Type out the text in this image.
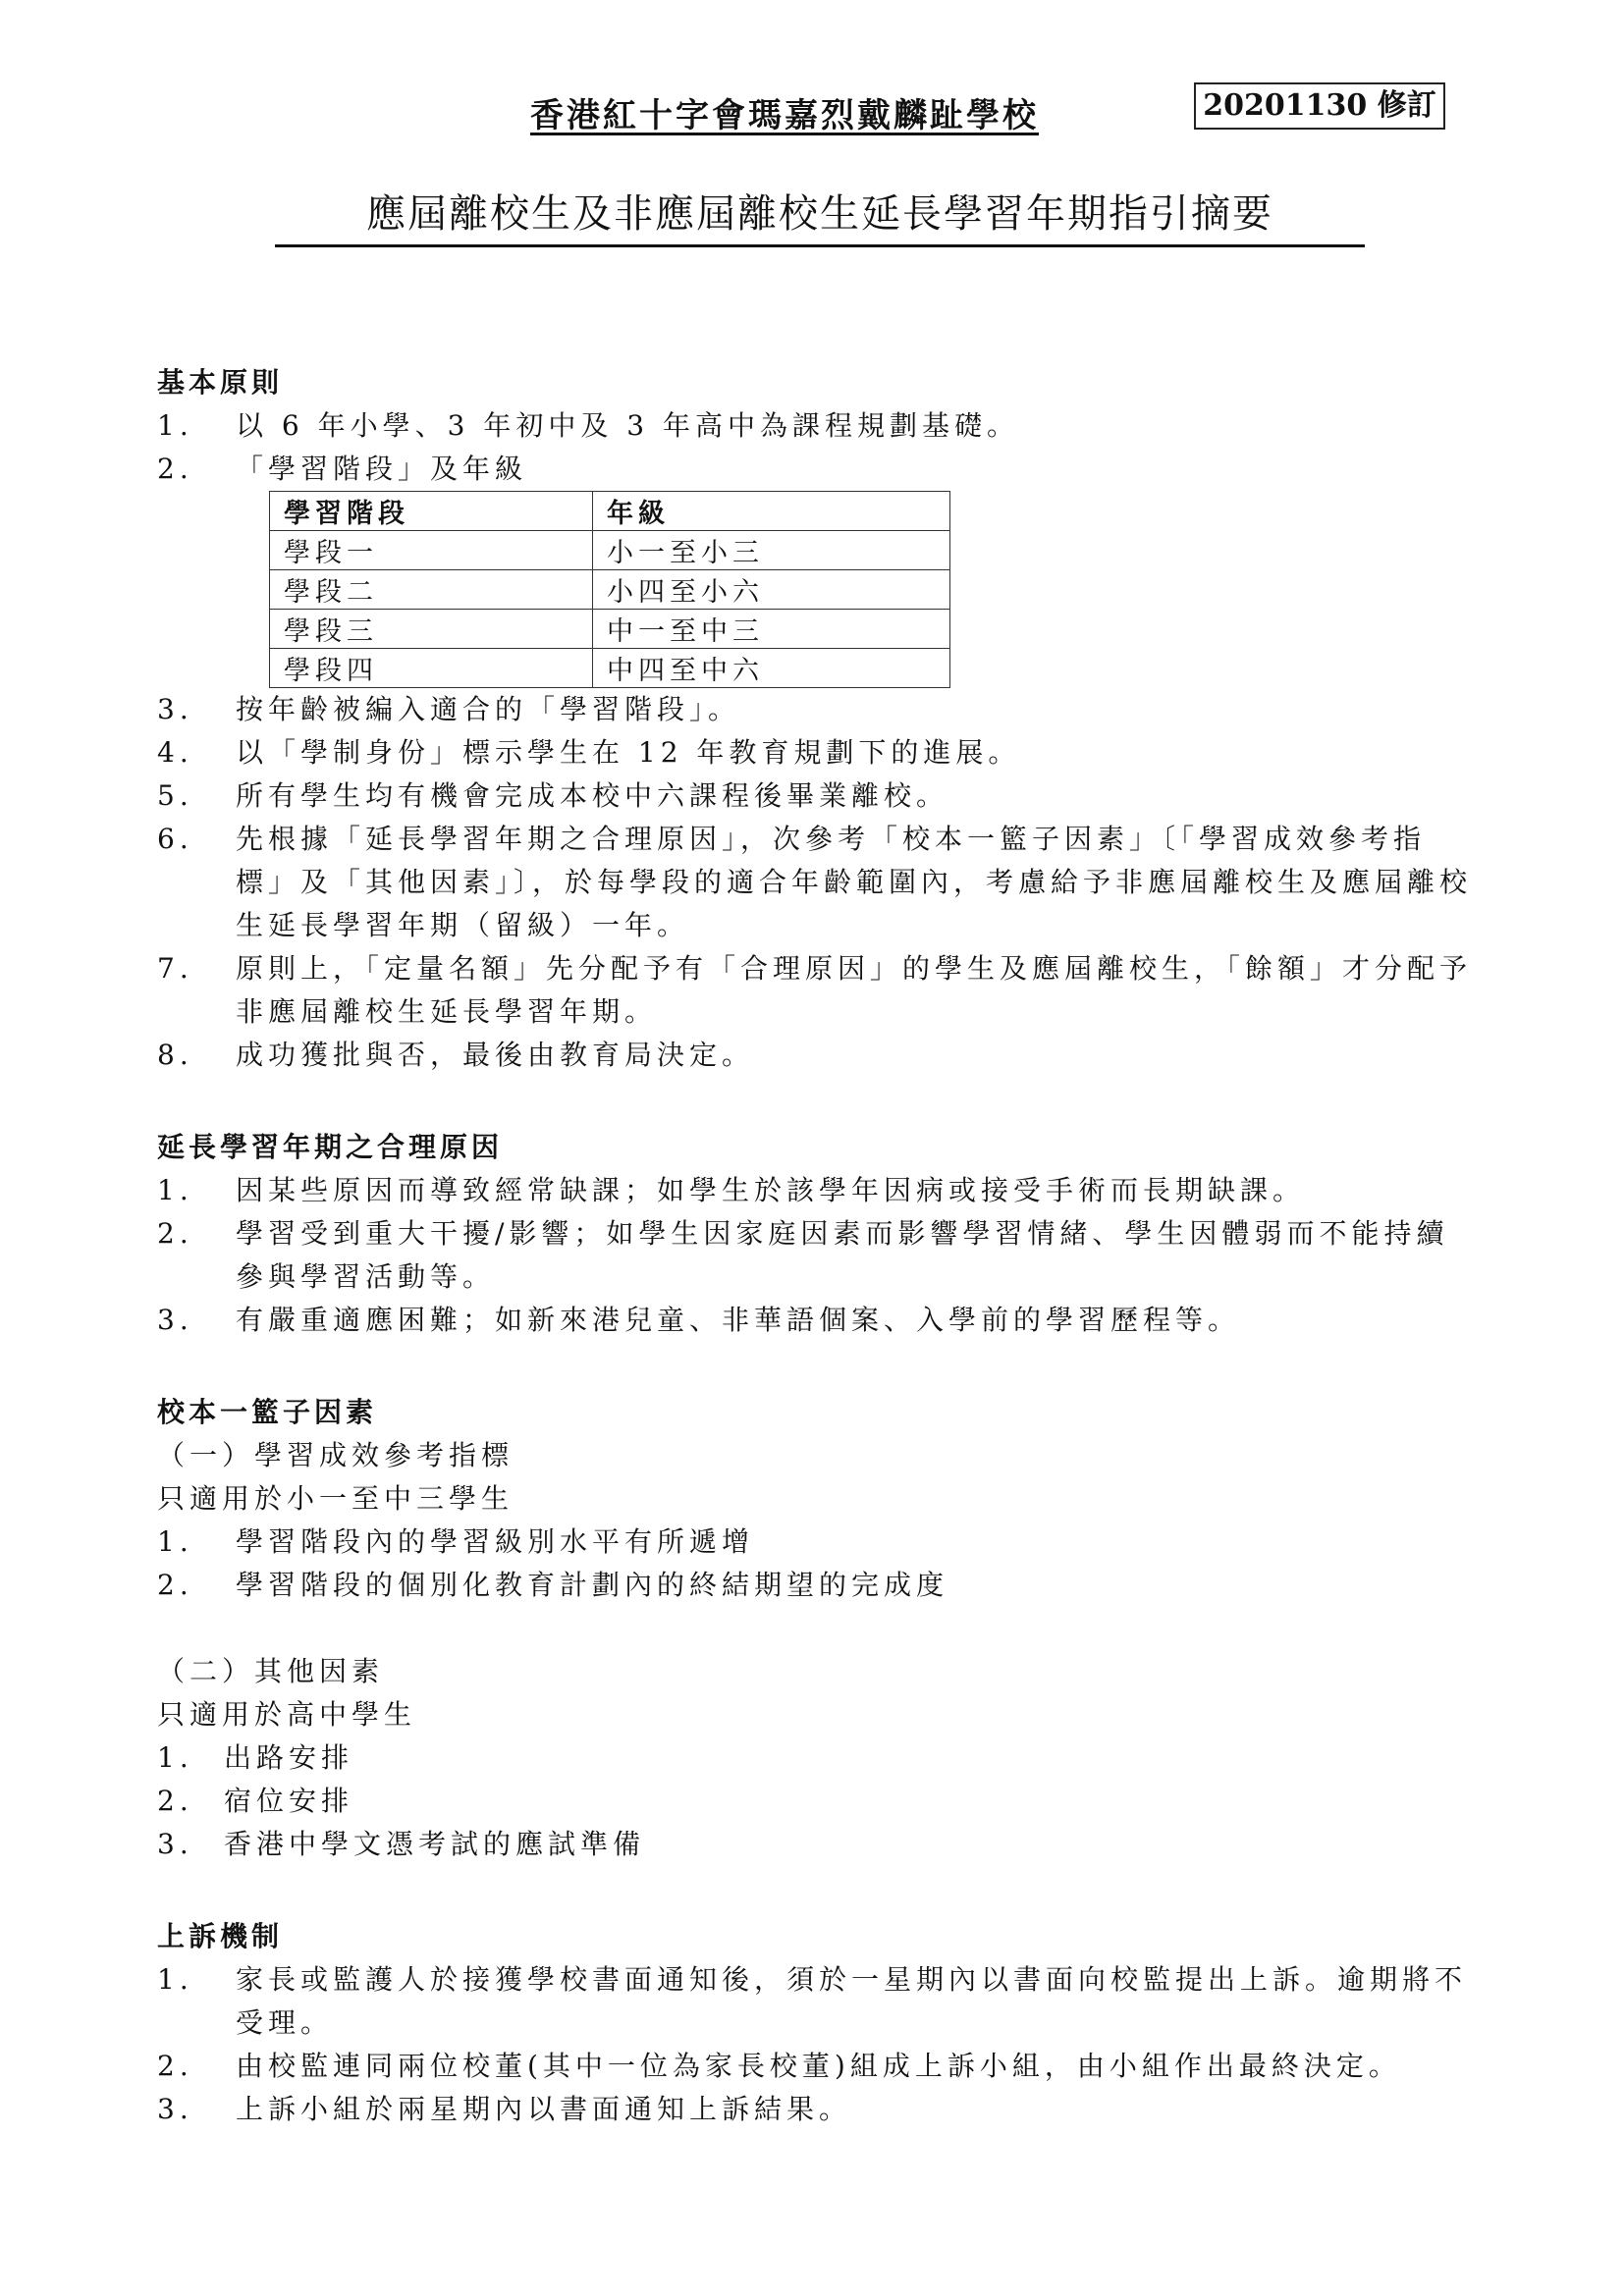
香港紅十字會瑪嘉烈戴麟趾學校	20201130 修訂
應屆離校生及非應屆離校生延長學習年期指引摘要
基本原則
1.	以 6 年小學、3 年初中及 3 年高中為課程規劃基礎。
2.	「學習階段」及年級
學習階段	年級
學段一	小一至小三
學段二	小四至小六
學段三	中一至中三
學段四	中四至中六
3.	按年齡被編入適合的「學習階段」。
4.	以「學制身份」標示學生在 12 年教育規劃下的進展。
5.	所有學生均有機會完成本校中六課程後畢業離校。
6.	先根據「延長學習年期之合理原因」，次參考「校本一籃子因素」〔「學習成效參考指標」及「其他因素」〕，於每學段的適合年齡範圍內，考慮給予非應屆離校生及應屆離校生延長學習年期（留級）一年。
7.	原則上，「定量名額」先分配予有「合理原因」的學生及應屆離校生，「餘額」才分配予非應屆離校生延長學習年期。
8.	成功獲批與否，最後由教育局決定。
延長學習年期之合理原因
1.	因某些原因而導致經常缺課；如學生於該學年因病或接受手術而長期缺課。
2.	學習受到重大干擾/影響；如學生因家庭因素而影響學習情緒、學生因體弱而不能持續參與學習活動等。
3.	有嚴重適應困難；如新來港兒童、非華語個案、入學前的學習歷程等。
校本一籃子因素
（一）學習成效參考指標
只適用於小一至中三學生
1.	學習階段內的學習級別水平有所遞增
2.	學習階段的個別化教育計劃內的終結期望的完成度
（二）其他因素
只適用於高中學生
1.	出路安排
2.	宿位安排
3.	香港中學文憑考試的應試準備
上訴機制
1.	家長或監護人於接獲學校書面通知後，須於一星期內以書面向校監提出上訴。逾期將不受理。
2.	由校監連同兩位校董(其中一位為家長校董)組成上訴小組，由小組作出最終決定。
3.	上訴小組於兩星期內以書面通知上訴結果。
